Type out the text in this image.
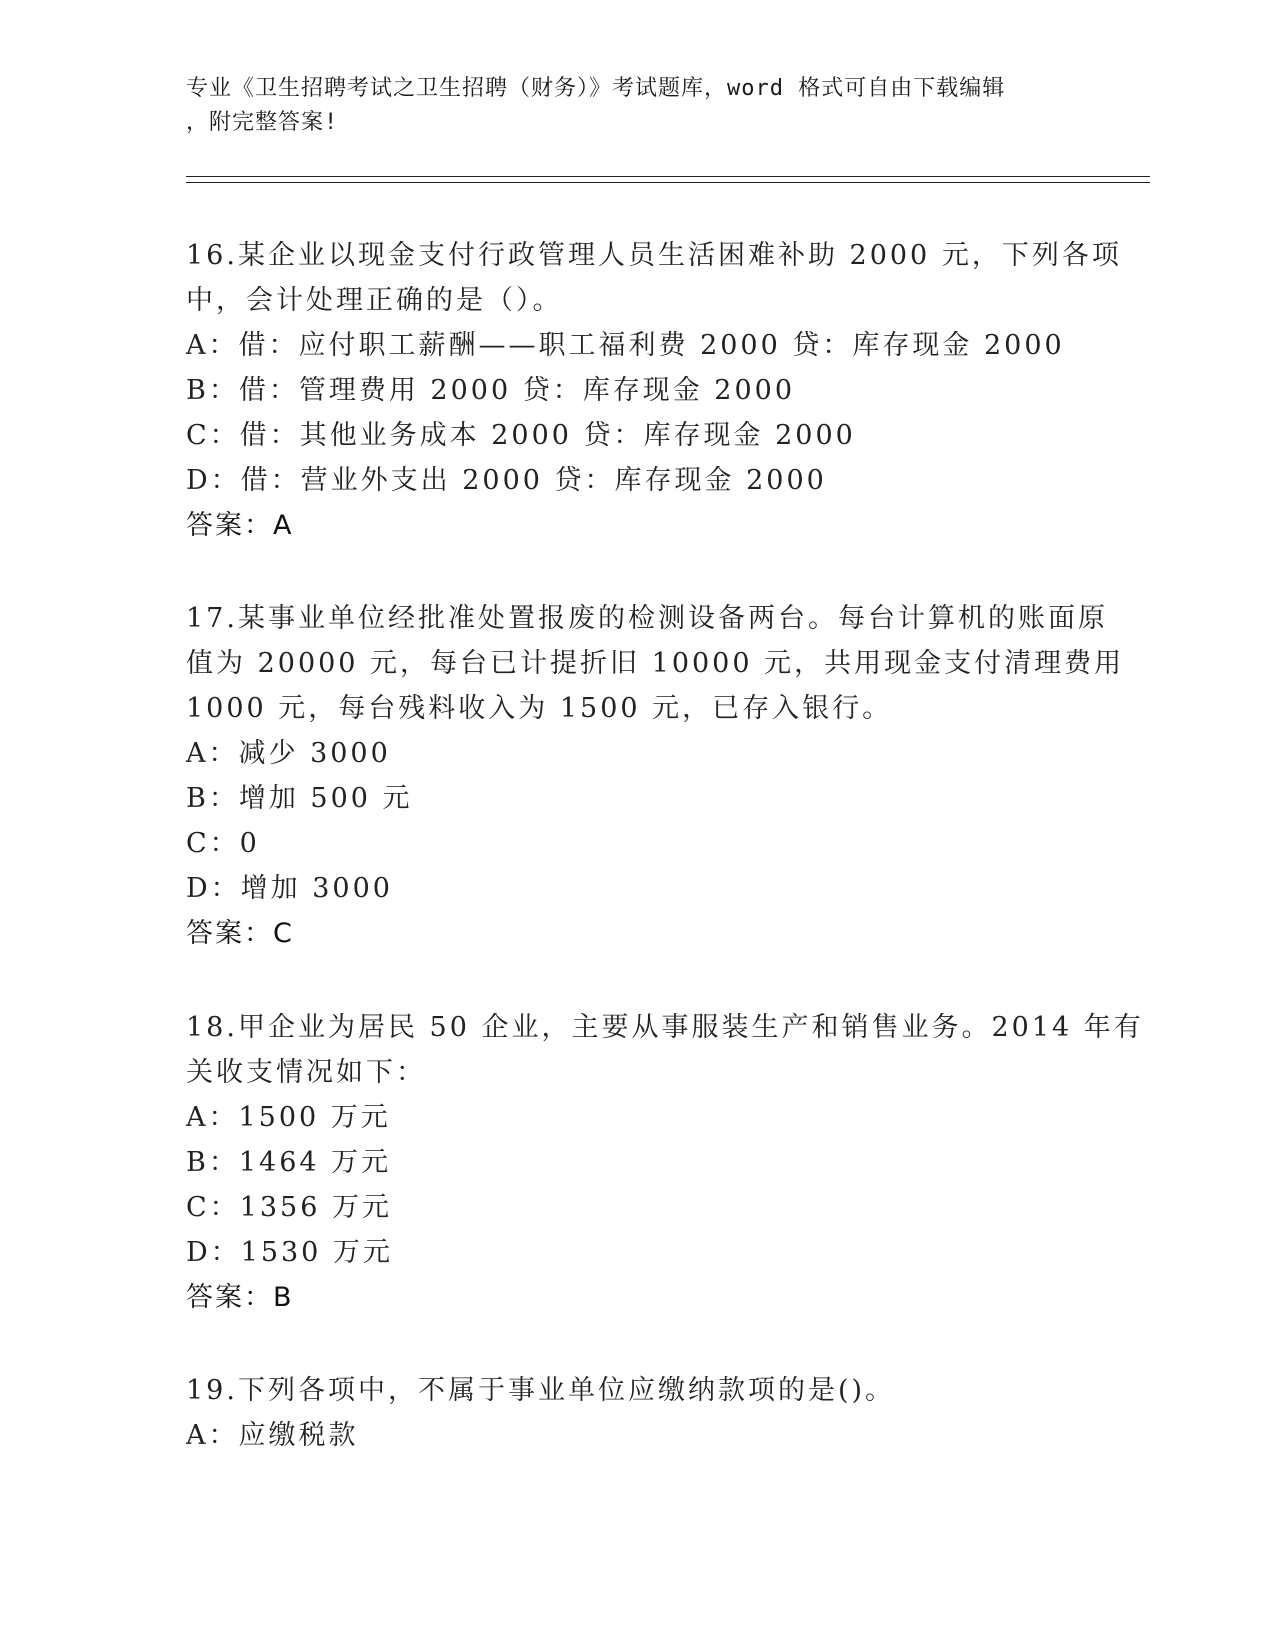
专业《卫生招聘考试之卫生招聘（财务）》考试题库，word 格式可自由下载编辑
，附完整答案!
16.某企业以现金支付行政管理人员生活困难补助 2000 元，下列各项
中，会计处理正确的是（）。
A：借：应付职工薪酬——职工福利费 2000 贷：库存现金 2000
B：借：管理费用 2000 贷：库存现金 2000
C：借：其他业务成本 2000 贷：库存现金 2000
D：借：营业外支出 2000 贷：库存现金 2000
答案：A
17.某事业单位经批准处置报废的检测设备两台。每台计算机的账面原
值为 20000 元，每台已计提折旧 10000 元，共用现金支付清理费用
1000 元，每台残料收入为 1500 元，已存入银行。
A：减少 3000
B：增加 500 元
C：0
D：增加 3000
答案：C
18.甲企业为居民 50 企业，主要从事服装生产和销售业务。2014 年有
关收支情况如下：
A：1500 万元
B：1464 万元
C：1356 万元
D：1530 万元
答案：B
19.下列各项中，不属于事业单位应缴纳款项的是()。
A：应缴税款
